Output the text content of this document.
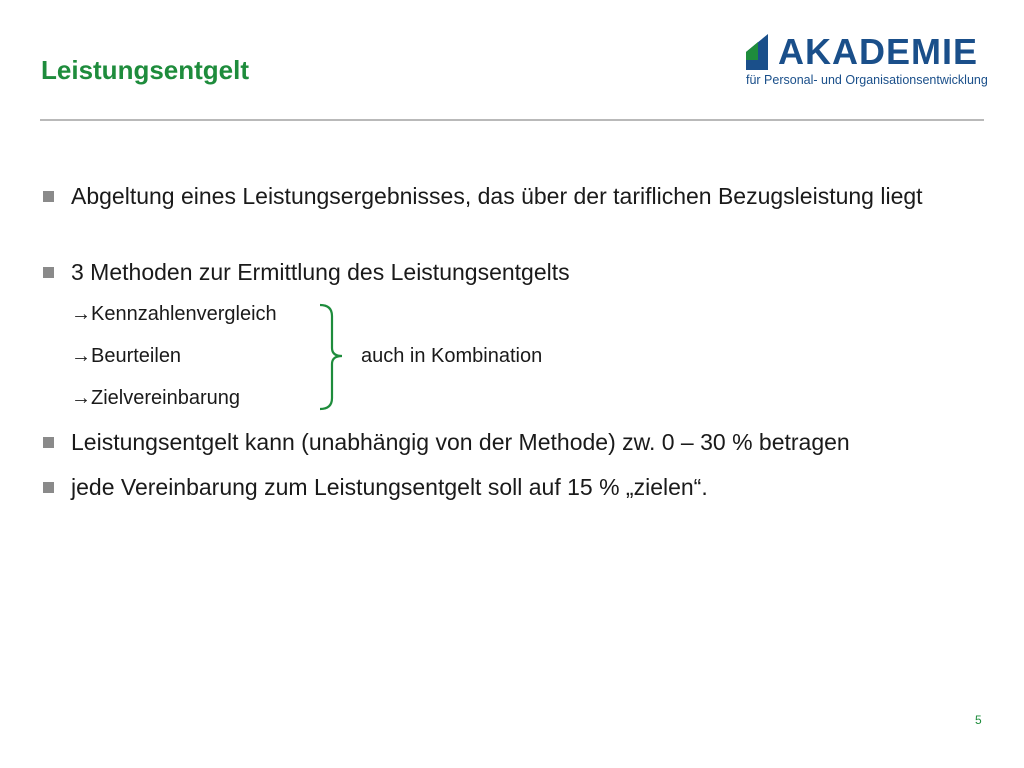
Leistungsentgelt	AKADEMIE
für Personal- und Organisationsentwicklung
Abgeltung eines Leistungsergebnisses, das über der tariflichen Bezugsleistung liegt
3 Methoden zur Ermittlung des Leistungsentgelts
→Kennzahlenvergleich
→Beurteilen
→Zielvereinbarung
auch in Kombination
Leistungsentgelt kann (unabhängig von der Methode) zw. 0 – 30 % betragen
jede Vereinbarung zum Leistungsentgelt soll auf 15 % „zielen“.
5
